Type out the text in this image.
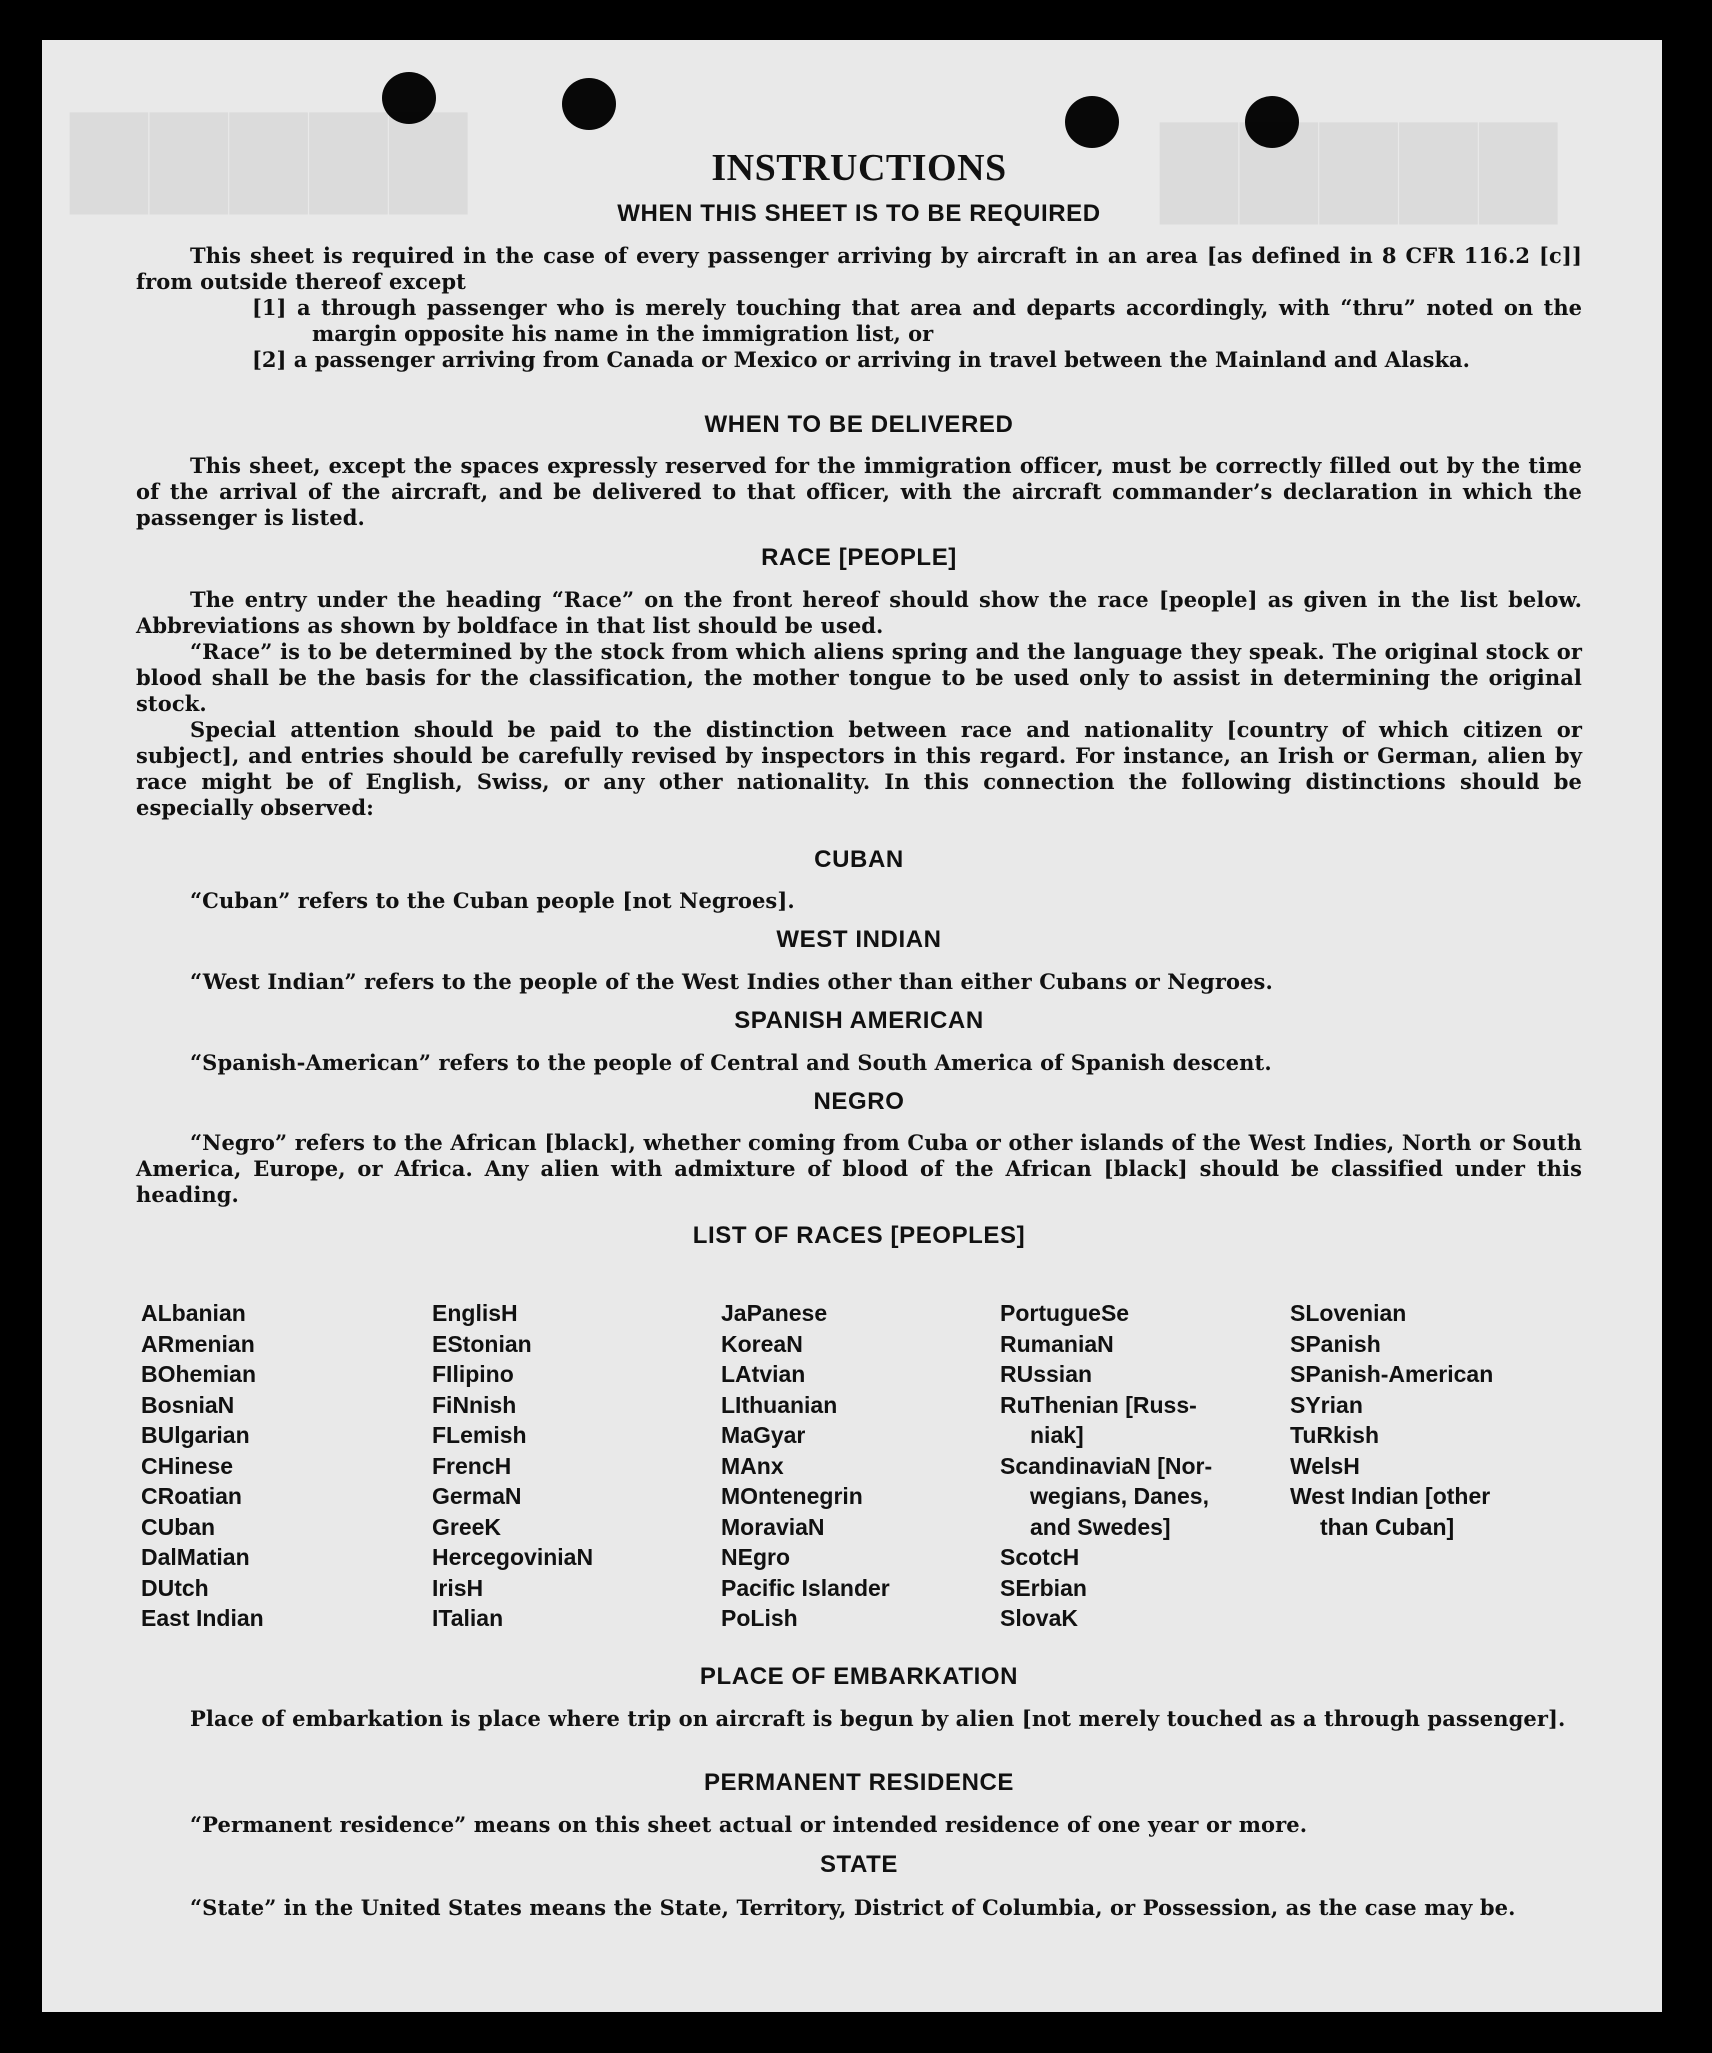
▇▇▇▇▇	▇▇▇▇▇
INSTRUCTIONS
WHEN THIS SHEET IS TO BE REQUIRED
This sheet is required in the case of every passenger arriving by aircraft in an area [as defined in 8 CFR 116.2 [c]] from outside thereof except
[1] a through passenger who is merely touching that area and departs accordingly, with “thru” noted on the margin opposite his name in the immigration list, or
[2] a passenger arriving from Canada or Mexico or arriving in travel between the Mainland and Alaska.
WHEN TO BE DELIVERED
This sheet, except the spaces expressly reserved for the immigration officer, must be correctly filled out by the time of the arrival of the aircraft, and be delivered to that officer, with the aircraft commander’s declaration in which the passenger is listed.
RACE [PEOPLE]
The entry under the heading “Race” on the front hereof should show the race [people] as given in the list below. Abbreviations as shown by boldface in that list should be used.
“Race” is to be determined by the stock from which aliens spring and the language they speak. The original stock or blood shall be the basis for the classification, the mother tongue to be used only to assist in determining the original stock.
Special attention should be paid to the distinction between race and nationality [country of which citizen or subject], and entries should be carefully revised by inspectors in this regard. For instance, an Irish or German, alien by race might be of English, Swiss, or any other nationality. In this connection the following distinctions should be especially observed:
CUBAN
“Cuban” refers to the Cuban people [not Negroes].
WEST INDIAN
“West Indian” refers to the people of the West Indies other than either Cubans or Negroes.
SPANISH AMERICAN
“Spanish-American” refers to the people of Central and South America of Spanish descent.
NEGRO
“Negro” refers to the African [black], whether coming from Cuba or other islands of the West Indies, North or South America, Europe, or Africa. Any alien with admixture of blood of the African [black] should be classified under this heading.
LIST OF RACES [PEOPLES]
ALbanian
ARmenian
BOhemian
BosniaN
BUlgarian
CHinese
CRoatian
CUban
DalMatian
DUtch
East Indian
EnglisH
EStonian
FIlipino
FiNnish
FLemish
FrencH
GermaN
GreeK
HercegoviniaN
IrisH
ITalian
JaPanese
KoreaN
LAtvian
LIthuanian
MaGyar
MAnx
MOntenegrin
MoraviaN
NEgro
Pacific Islander
PoLish
PortugueSe
RumaniaN
RUssian
RuThenian [Russ-
niak]
ScandinaviaN [Nor-
wegians, Danes,
and Swedes]
ScotcH
SErbian
SlovaK
SLovenian
SPanish
SPanish-American
SYrian
TuRkish
WelsH
West Indian [other
than Cuban]
PLACE OF EMBARKATION
Place of embarkation is place where trip on aircraft is begun by alien [not merely touched as a through passenger].
PERMANENT RESIDENCE
“Permanent residence” means on this sheet actual or intended residence of one year or more.
STATE
“State” in the United States means the State, Territory, District of Columbia, or Possession, as the case may be.
